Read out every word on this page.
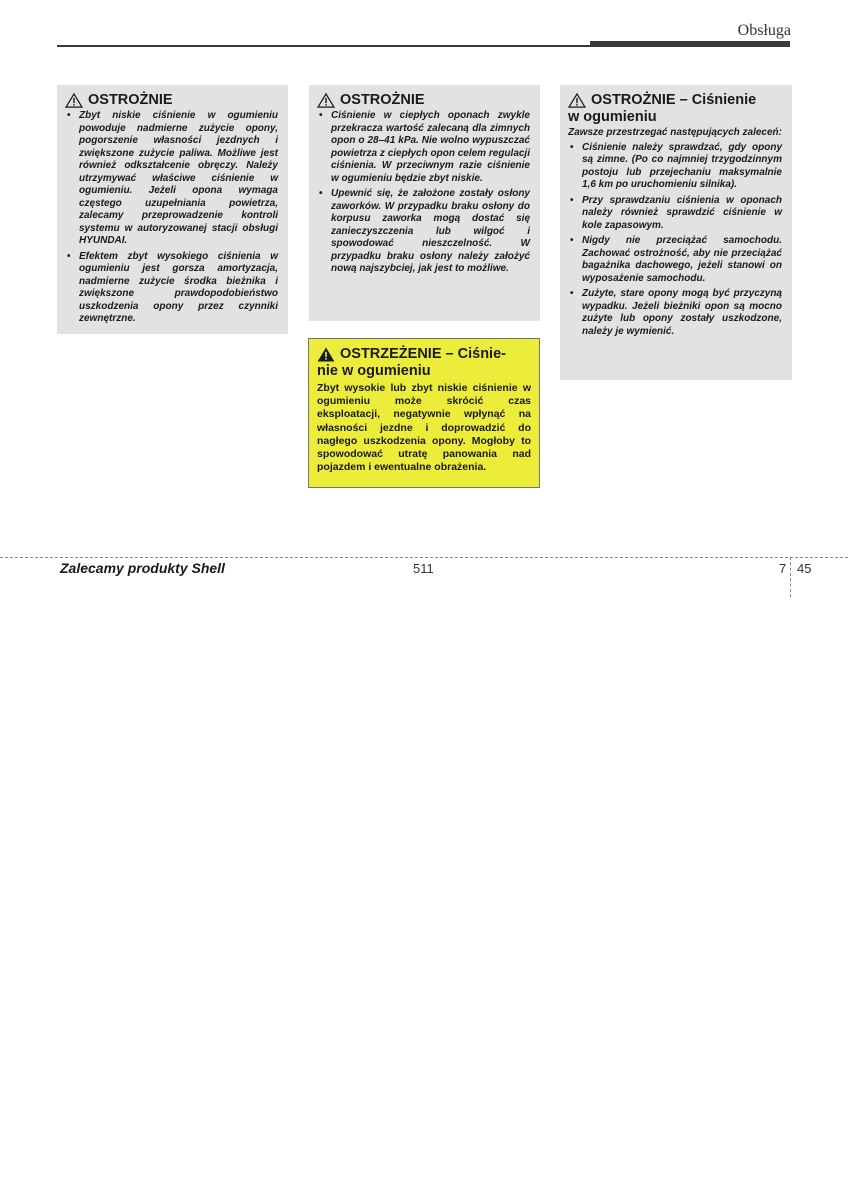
Obsługa
OSTROŻNIE
• Zbyt niskie ciśnienie w ogumieniu powoduje nadmierne zużycie opony, pogorszenie własności jezdnych i zwiększone zużycie paliwa. Możliwe jest również odkształcenie obręczy. Należy utrzymywać właściwe ciśnienie w ogumieniu. Jeżeli opona wymaga częstego uzupełniania powietrza, zalecamy przeprowadzenie kontroli systemu w autoryzowanej stacji obsługi HYUNDAI.
• Efektem zbyt wysokiego ciśnienia w ogumieniu jest gorsza amortyzacja, nadmierne zużycie środka bieżnika i zwiększone prawdopodobieństwo uszkodzenia opony przez czynniki zewnętrzne.
OSTROŻNIE
• Ciśnienie w ciepłych oponach zwykle przekracza wartość zalecaną dla zimnych opon o 28–41 kPa. Nie wolno wypuszczać powietrza z ciepłych opon celem regulacji ciśnienia. W przeciwnym razie ciśnienie w ogumieniu będzie zbyt niskie.
• Upewnić się, że założone zostały osłony zaworków. W przypadku braku osłony do korpusu zaworka mogą dostać się zanieczyszczenia lub wilgoć i spowodować nieszczelność. W przypadku braku osłony należy założyć nową najszybciej, jak jest to możliwe.
OSTRZEŻENIE – Ciśnie-

nie w ogumieniu
Zbyt wysokie lub zbyt niskie ciśnienie w ogumieniu może skrócić czas eksploatacji, negatywnie wpłynąć na własności jezdne i doprowadzić do nagłego uszkodzenia opony. Mogłoby to spowodować utratę panowania nad pojazdem i ewentualne obrażenia.
OSTROŻNIE – Ciśnienie
w ogumieniu
Zawsze przestrzegać następujących zaleceń:
• Ciśnienie należy sprawdzać, gdy opony są zimne. (Po co najmniej trzygodzinnym postoju lub przejechaniu maksymalnie 1,6 km po uruchomieniu silnika).
• Przy sprawdzaniu ciśnienia w oponach należy również sprawdzić ciśnienie w kole zapasowym.
• Nigdy nie przeciążać samochodu. Zachować ostrożność, aby nie przeciążać bagażnika dachowego, jeżeli stanowi on wyposażenie samochodu.
• Zużyte, stare opony mogą być przyczyną wypadku. Jeżeli bieżniki opon są mocno zużyte lub opony zostały uszkodzone, należy je wymienić.
Zalecamy produkty Shell	511	7 45
